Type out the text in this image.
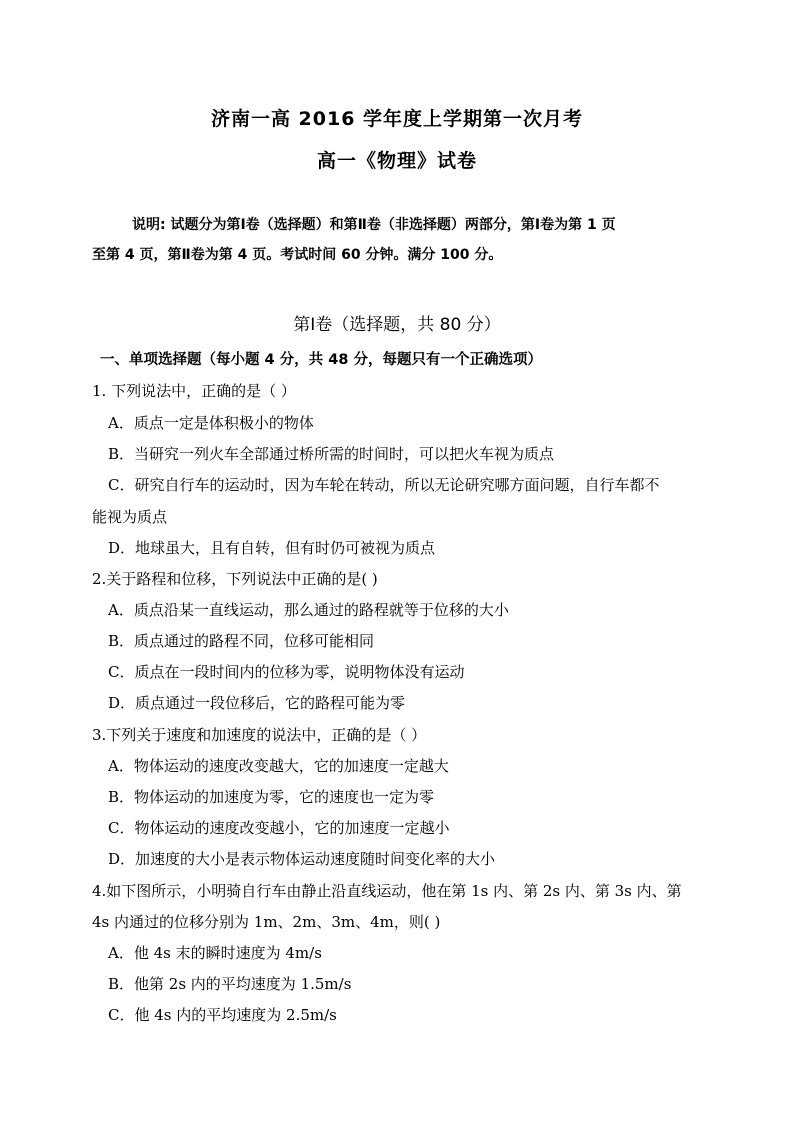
济南一高 2016 学年度上学期第一次月考
高一《物理》试卷
说明: 试题分为第Ⅰ卷（选择题）和第Ⅱ卷（非选择题）两部分，第Ⅰ卷为第 1 页
至第 4 页，第Ⅱ卷为第 4 页。考试时间 60 分钟。满分 100 分。
第Ⅰ卷（选择题，共 80 分）
一、单项选择题（每小题 4 分，共 48 分，每题只有一个正确选项）
1. 下列说法中，正确的是（ ）
A．质点一定是体积极小的物体
B．当研究一列火车全部通过桥所需的时间时，可以把火车视为质点
C．研究自行车的运动时，因为车轮在转动，所以无论研究哪方面问题，自行车都不
能视为质点
D．地球虽大，且有自转，但有时仍可被视为质点
2.关于路程和位移，下列说法中正确的是( )
A．质点沿某一直线运动，那么通过的路程就等于位移的大小
B．质点通过的路程不同，位移可能相同
C．质点在一段时间内的位移为零，说明物体没有运动
D．质点通过一段位移后，它的路程可能为零
3.下列关于速度和加速度的说法中，正确的是（ ）
A．物体运动的速度改变越大，它的加速度一定越大
B．物体运动的加速度为零，它的速度也一定为零
C．物体运动的速度改变越小，它的加速度一定越小
D．加速度的大小是表示物体运动速度随时间变化率的大小
4.如下图所示，小明骑自行车由静止沿直线运动，他在第 1s 内、第 2s 内、第 3s 内、第
4s 内通过的位移分别为 1m、2m、3m、4m，则( )
A．他 4s 末的瞬时速度为 4m/s
B．他第 2s 内的平均速度为 1.5m/s
C．他 4s 内的平均速度为 2.5m/s
